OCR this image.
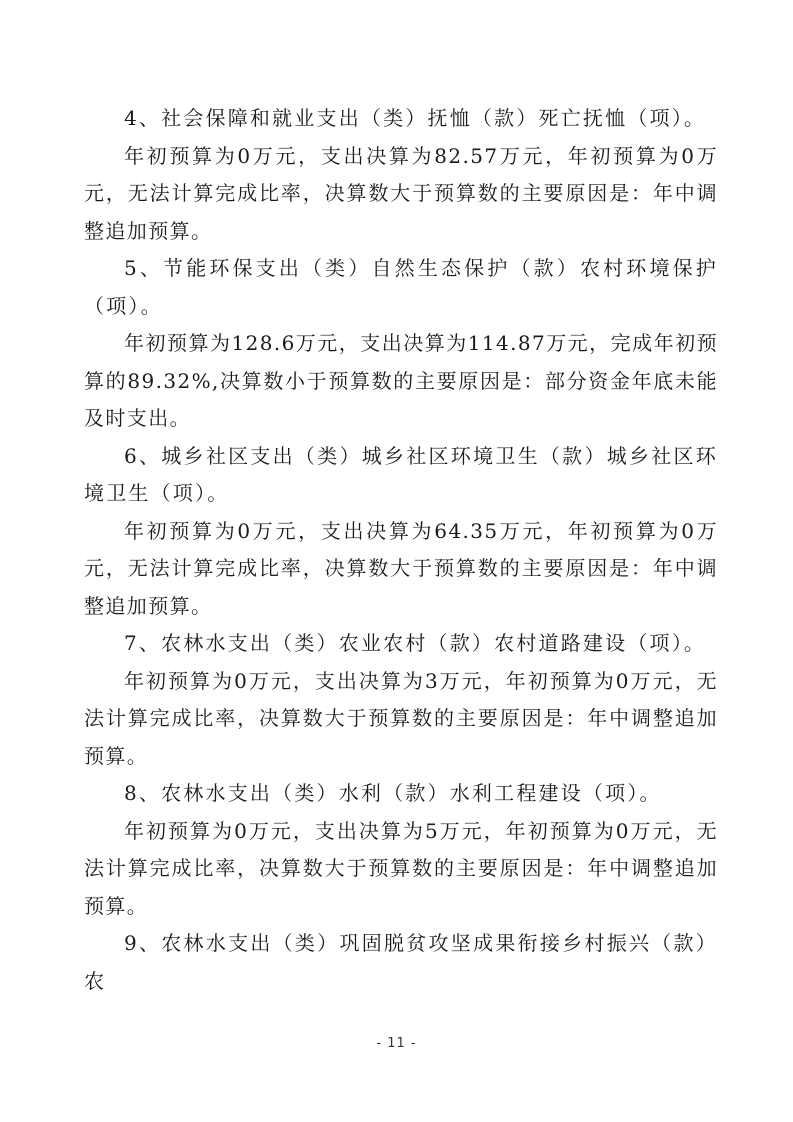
4、社会保障和就业支出（类）抚恤（款）死亡抚恤（项）。

年初预算为0万元，支出决算为82.57万元，年初预算为0万元，无法计算完成比率，决算数大于预算数的主要原因是：年中调整追加预算。

5、节能环保支出（类）自然生态保护（款）农村环境保护（项）。

年初预算为128.6万元，支出决算为114.87万元，完成年初预算的89.32%,决算数小于预算数的主要原因是：部分资金年底未能及时支出。

6、城乡社区支出（类）城乡社区环境卫生（款）城乡社区环境卫生（项）。

年初预算为0万元，支出决算为64.35万元，年初预算为0万元，无法计算完成比率，决算数大于预算数的主要原因是：年中调整追加预算。

7、农林水支出（类）农业农村（款）农村道路建设（项）。

年初预算为0万元，支出决算为3万元，年初预算为0万元，无法计算完成比率，决算数大于预算数的主要原因是：年中调整追加预算。

8、农林水支出（类）水利（款）水利工程建设（项）。

年初预算为0万元，支出决算为5万元，年初预算为0万元，无法计算完成比率，决算数大于预算数的主要原因是：年中调整追加预算。

9、农林水支出（类）巩固脱贫攻坚成果衔接乡村振兴（款）农

- 11 -
